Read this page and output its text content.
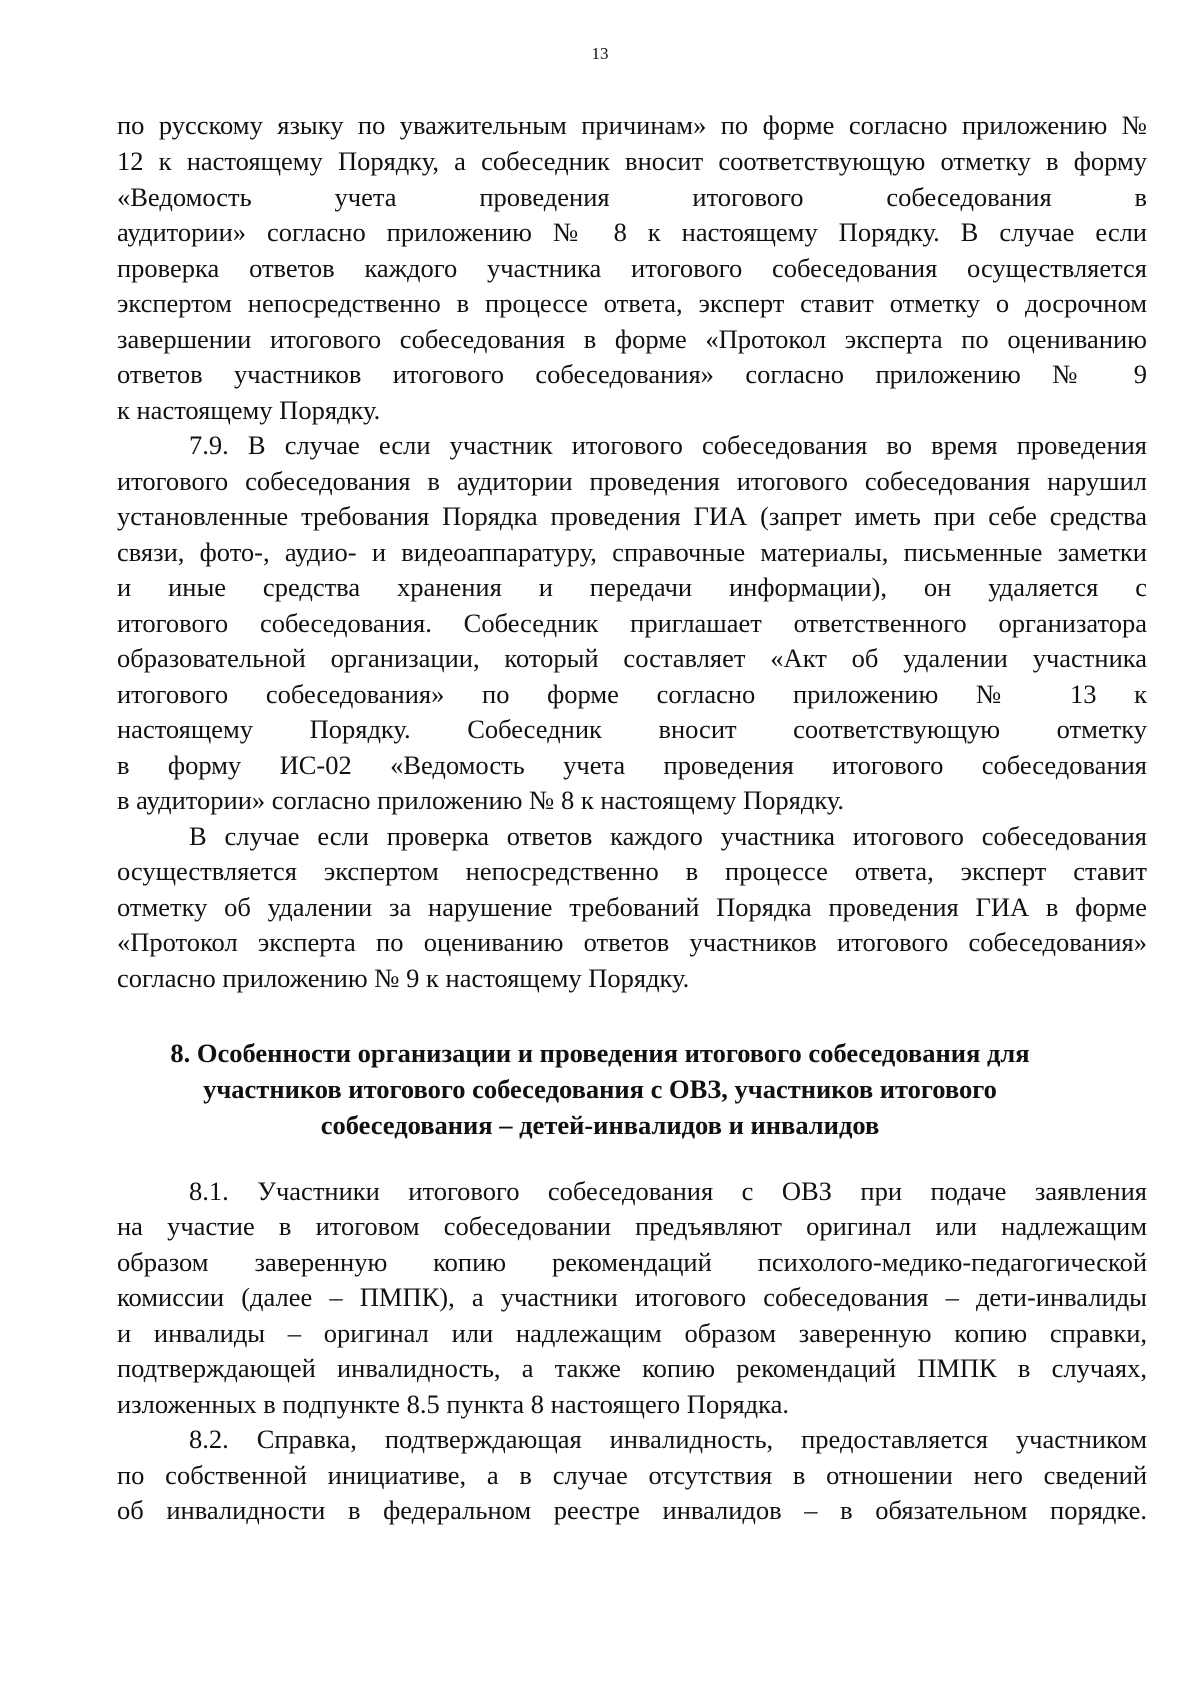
13
по русскому языку по уважительным причинам» по форме согласно приложению №
12 к настоящему Порядку, а собеседник вносит соответствующую отметку в форму
«Ведомость учета проведения итогового собеседования в
аудитории» согласно приложению № 8 к настоящему Порядку. В случае если
проверка ответов каждого участника итогового собеседования осуществляется
экспертом непосредственно в процессе ответа, эксперт ставит отметку о досрочном
завершении итогового собеседования в форме «Протокол эксперта по оцениванию
ответов участников итогового собеседования» согласно приложению № 9
к настоящему Порядку.
7.9. В случае если участник итогового собеседования во время проведения
итогового собеседования в аудитории проведения итогового собеседования нарушил
установленные требования Порядка проведения ГИА (запрет иметь при себе средства
связи, фото-, аудио- и видеоаппаратуру, справочные материалы, письменные заметки
и иные средства хранения и передачи информации), он удаляется с
итогового собеседования. Собеседник приглашает ответственного организатора
образовательной организации, который составляет «Акт об удалении участника
итогового собеседования» по форме согласно приложению № 13 к
настоящему Порядку. Собеседник вносит соответствующую отметку
в форму ИС-02 «Ведомость учета проведения итогового собеседования
в аудитории» согласно приложению № 8 к настоящему Порядку.
В случае если проверка ответов каждого участника итогового собеседования
осуществляется экспертом непосредственно в процессе ответа, эксперт ставит
отметку об удалении за нарушение требований Порядка проведения ГИА в форме
«Протокол эксперта по оцениванию ответов участников итогового собеседования»
согласно приложению № 9 к настоящему Порядку.
8. Особенности организации и проведения итогового собеседования для
участников итогового собеседования с ОВЗ, участников итогового
собеседования – детей-инвалидов и инвалидов
8.1. Участники итогового собеседования с ОВЗ при подаче заявления
на участие в итоговом собеседовании предъявляют оригинал или надлежащим
образом заверенную копию рекомендаций психолого-медико-педагогической
комиссии (далее – ПМПК), а участники итогового собеседования – дети-инвалиды
и инвалиды – оригинал или надлежащим образом заверенную копию справки,
подтверждающей инвалидность, а также копию рекомендаций ПМПК в случаях,
изложенных в подпункте 8.5 пункта 8 настоящего Порядка.
8.2. Справка, подтверждающая инвалидность, предоставляется участником
по собственной инициативе, а в случае отсутствия в отношении него сведений
об инвалидности в федеральном реестре инвалидов – в обязательном порядке.
